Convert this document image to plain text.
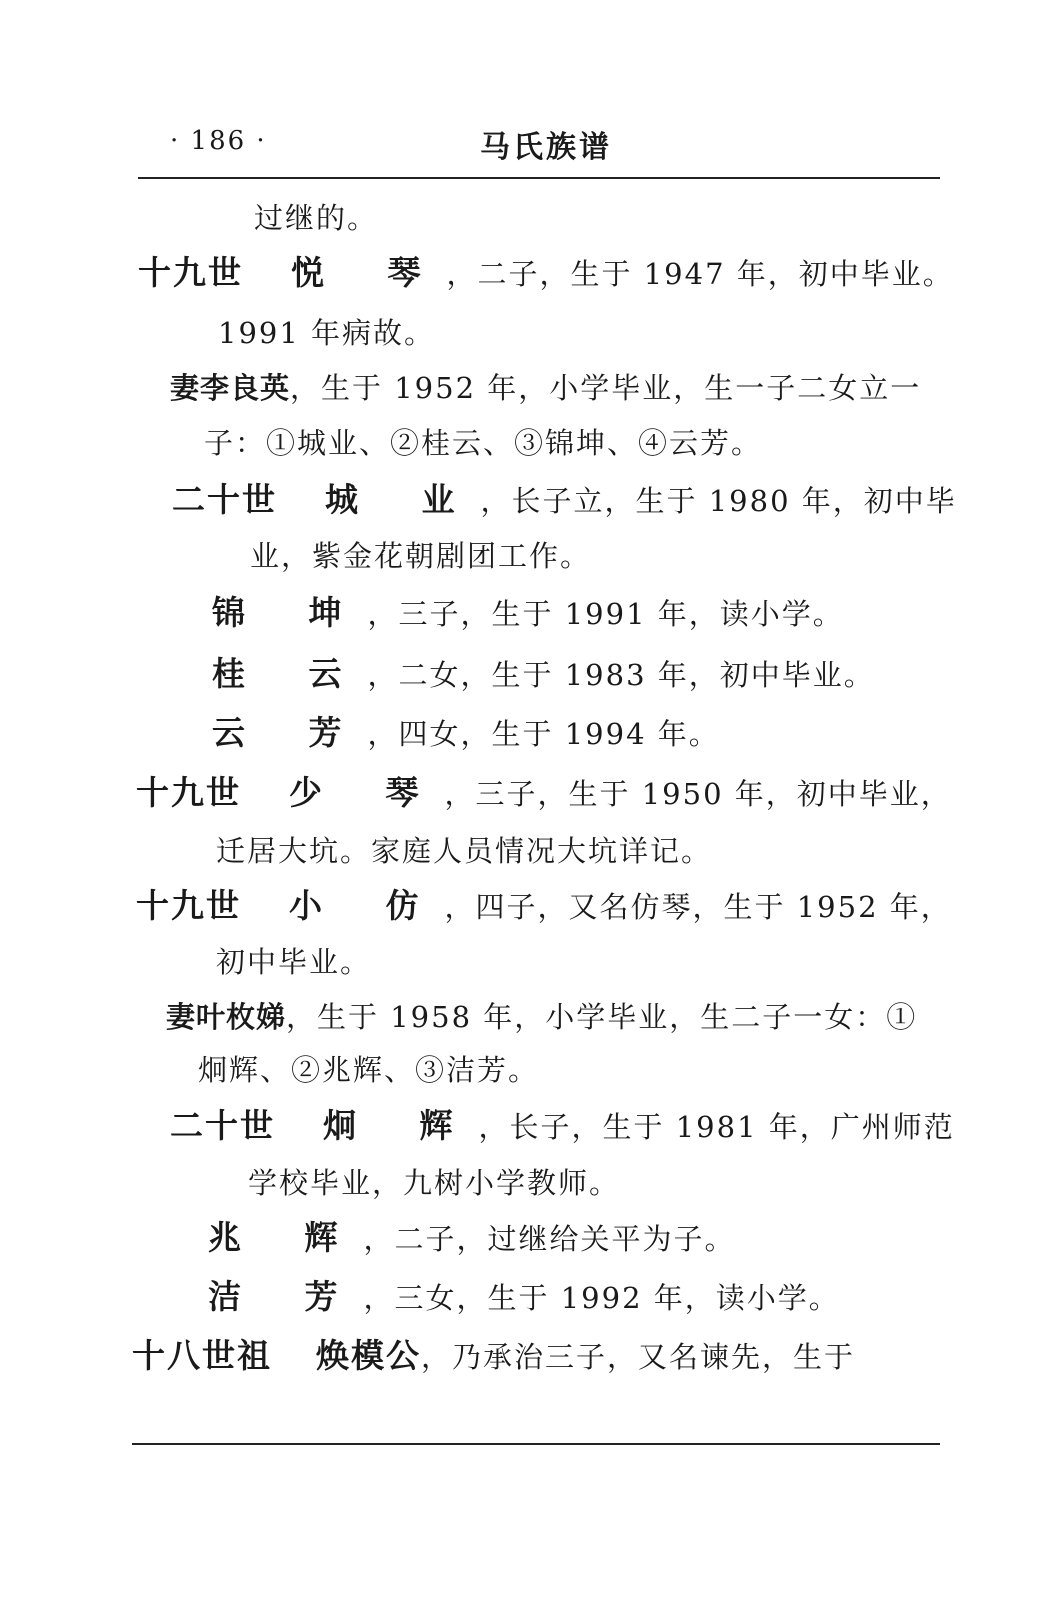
· 186 ·	马氏族谱
过继的。
十九世 悦 琴，二子，生于 1947 年，初中毕业。
1991 年病故。
妻李良英，生于 1952 年，小学毕业，生一子二女立一
子：①城业、②桂云、③锦坤、④云芳。
二十世 城 业，长子立，生于 1980 年，初中毕
业，紫金花朝剧团工作。
锦 坤，三子，生于 1991 年，读小学。
桂 云，二女，生于 1983 年，初中毕业。
云 芳，四女，生于 1994 年。
十九世 少 琴，三子，生于 1950 年，初中毕业，
迁居大坑。家庭人员情况大坑详记。
十九世 小 仿，四子，又名仿琴，生于 1952 年，
初中毕业。
妻叶枚娣，生于 1958 年，小学毕业，生二子一女：①
炯辉、②兆辉、③洁芳。
二十世 炯 辉，长子，生于 1981 年，广州师范
学校毕业，九树小学教师。
兆 辉，二子，过继给关平为子。
洁 芳，三女，生于 1992 年，读小学。
十八世祖 焕模公，乃承治三子，又名谏先，生于
